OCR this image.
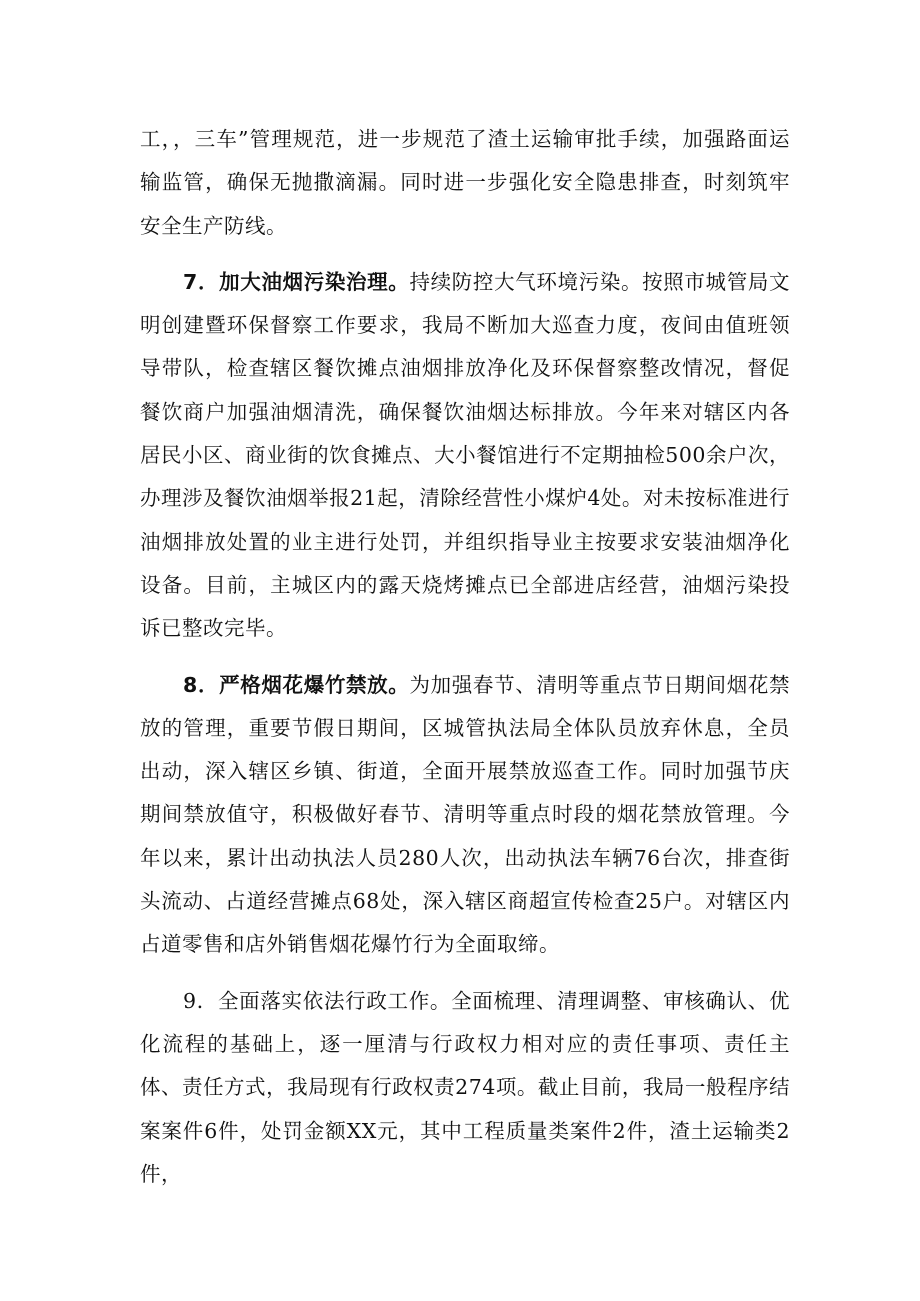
工，，三车”管理规范，进一步规范了渣土运输审批手续，加强路面运输监管，确保无抛撒滴漏。同时进一步强化安全隐患排查，时刻筑牢安全生产防线。

7．加大油烟污染治理。持续防控大气环境污染。按照市城管局文明创建暨环保督察工作要求，我局不断加大巡查力度，夜间由值班领导带队，检查辖区餐饮摊点油烟排放净化及环保督察整改情况，督促餐饮商户加强油烟清洗，确保餐饮油烟达标排放。今年来对辖区内各居民小区、商业街的饮食摊点、大小餐馆进行不定期抽检500余户次，办理涉及餐饮油烟举报21起，清除经营性小煤炉4处。对未按标准进行油烟排放处置的业主进行处罚，并组织指导业主按要求安装油烟净化设备。目前，主城区内的露天烧烤摊点已全部进店经营，油烟污染投诉已整改完毕。

8．严格烟花爆竹禁放。为加强春节、清明等重点节日期间烟花禁放的管理，重要节假日期间，区城管执法局全体队员放弃休息，全员出动，深入辖区乡镇、街道，全面开展禁放巡查工作。同时加强节庆期间禁放值守，积极做好春节、清明等重点时段的烟花禁放管理。今年以来，累计出动执法人员280人次，出动执法车辆76台次，排查街头流动、占道经营摊点68处，深入辖区商超宣传检查25户。对辖区内占道零售和店外销售烟花爆竹行为全面取缔。

9．全面落实依法行政工作。全面梳理、清理调整、审核确认、优化流程的基础上，逐一厘清与行政权力相对应的责任事项、责任主体、责任方式，我局现有行政权责274项。截止目前，我局一般程序结案案件6件，处罚金额XX元，其中工程质量类案件2件，渣土运输类2件，
